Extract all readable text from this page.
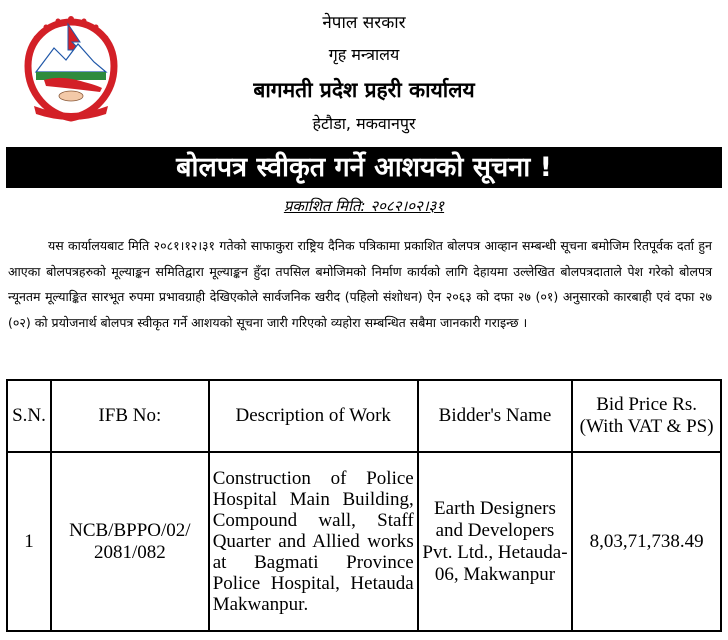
नेपाल सरकार
गृह मन्त्रालय
बागमती प्रदेश प्रहरी कार्यालय
हेटौडा, मकवानपुर
बोलपत्र स्वीकृत गर्ने आशयको सूचना !
प्रकाशित मिति: २०८२।०२।३१

यस कार्यालयबाट मिति २०८१।१२।३१ गतेको साफाकुरा राष्ट्रिय दैनिक पत्रिकामा प्रकाशित बोलपत्र आव्हान सम्बन्धी सूचना बमोजिम रितपूर्वक दर्ता हुन आएका बोलपत्रहरुको मूल्याङ्कन समितिद्वारा मूल्याङ्कन हुँदा तपसिल बमोजिमको निर्माण कार्यको लागि देहायमा उल्लेखित बोलपत्रदाताले पेश गरेको बोलपत्र न्यूनतम मूल्याङ्कित सारभूत रुपमा प्रभावग्राही देखिएकोले सार्वजनिक खरीद (पहिलो संशोधन) ऐन २०६३ को दफा २७ (०१) अनुसारको कारबाही एवं दफा २७ (०२) को प्रयोजनार्थ बोलपत्र स्वीकृत गर्ने आशयको सूचना जारी गरिएको व्यहोरा सम्बन्धित सबैमा जानकारी गराइन्छ ।

S.N.	IFB No:	Description of Work	Bidder's Name	Bid Price Rs. (With VAT & PS)
1	NCB/BPPO/02/ 2081/082	Construction of Police Hospital Main Building, Compound wall, Staff Quarter and Allied works at Bagmati Province Police Hospital, Hetauda Makwanpur.	Earth Designers and Developers Pvt. Ltd., Hetauda-06, Makwanpur	8,03,71,738.49
